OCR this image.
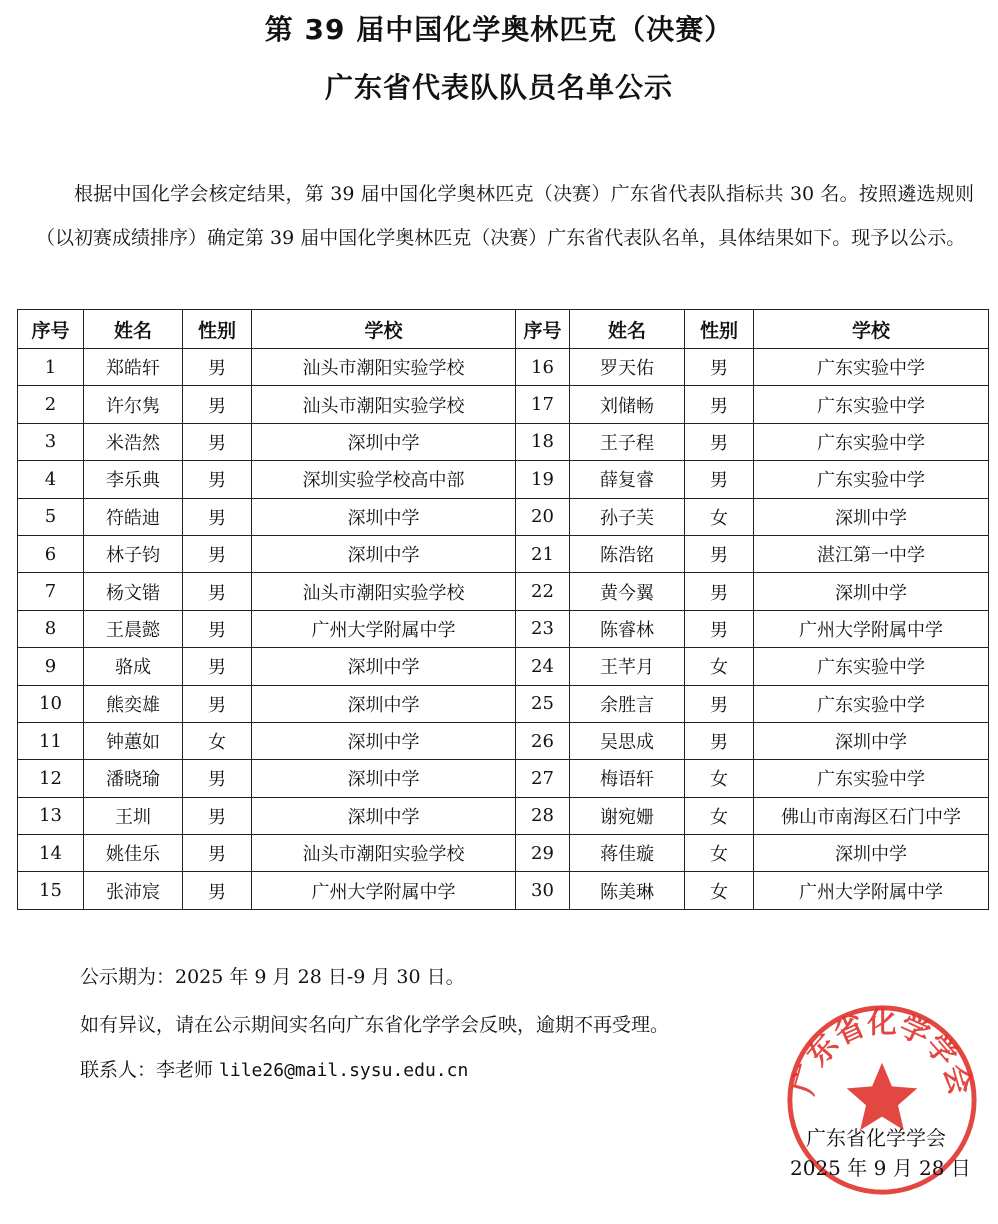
第 39 届中国化学奥林匹克（决赛）
广东省代表队队员名单公示

根据中国化学会核定结果，第 39 届中国化学奥林匹克（决赛）广东省代表队指标共 30 名。按照遴选规则（以初赛成绩排序）确定第 39 届中国化学奥林匹克（决赛）广东省代表队名单，具体结果如下。现予以公示。

序号	姓名	性别	学校	序号	姓名	性别	学校
1	郑皓轩	男	汕头市潮阳实验学校	16	罗天佑	男	广东实验中学
2	许尔隽	男	汕头市潮阳实验学校	17	刘储畅	男	广东实验中学
3	米浩然	男	深圳中学	18	王子程	男	广东实验中学
4	李乐典	男	深圳实验学校高中部	19	薛复睿	男	广东实验中学
5	符皓迪	男	深圳中学	20	孙子芙	女	深圳中学
6	林子钧	男	深圳中学	21	陈浩铭	男	湛江第一中学
7	杨文锴	男	汕头市潮阳实验学校	22	黄今翼	男	深圳中学
8	王晨懿	男	广州大学附属中学	23	陈睿林	男	广州大学附属中学
9	骆成	男	深圳中学	24	王芊月	女	广东实验中学
10	熊奕雄	男	深圳中学	25	余胜言	男	广东实验中学
11	钟蕙如	女	深圳中学	26	吴思成	男	深圳中学
12	潘晓瑜	男	深圳中学	27	梅语轩	女	广东实验中学
13	王圳	男	深圳中学	28	谢宛姗	女	佛山市南海区石门中学
14	姚佳乐	男	汕头市潮阳实验学校	29	蒋佳璇	女	深圳中学
15	张沛宸	男	广州大学附属中学	30	陈美琳	女	广州大学附属中学

公示期为：2025 年 9 月 28 日-9 月 30 日。

如有异议，请在公示期间实名向广东省化学学会反映，逾期不再受理。

联系人：李老师 lile26@mail.sysu.edu.cn	广东省化学学会

广东省化学学会

2025 年 9 月 28 日
